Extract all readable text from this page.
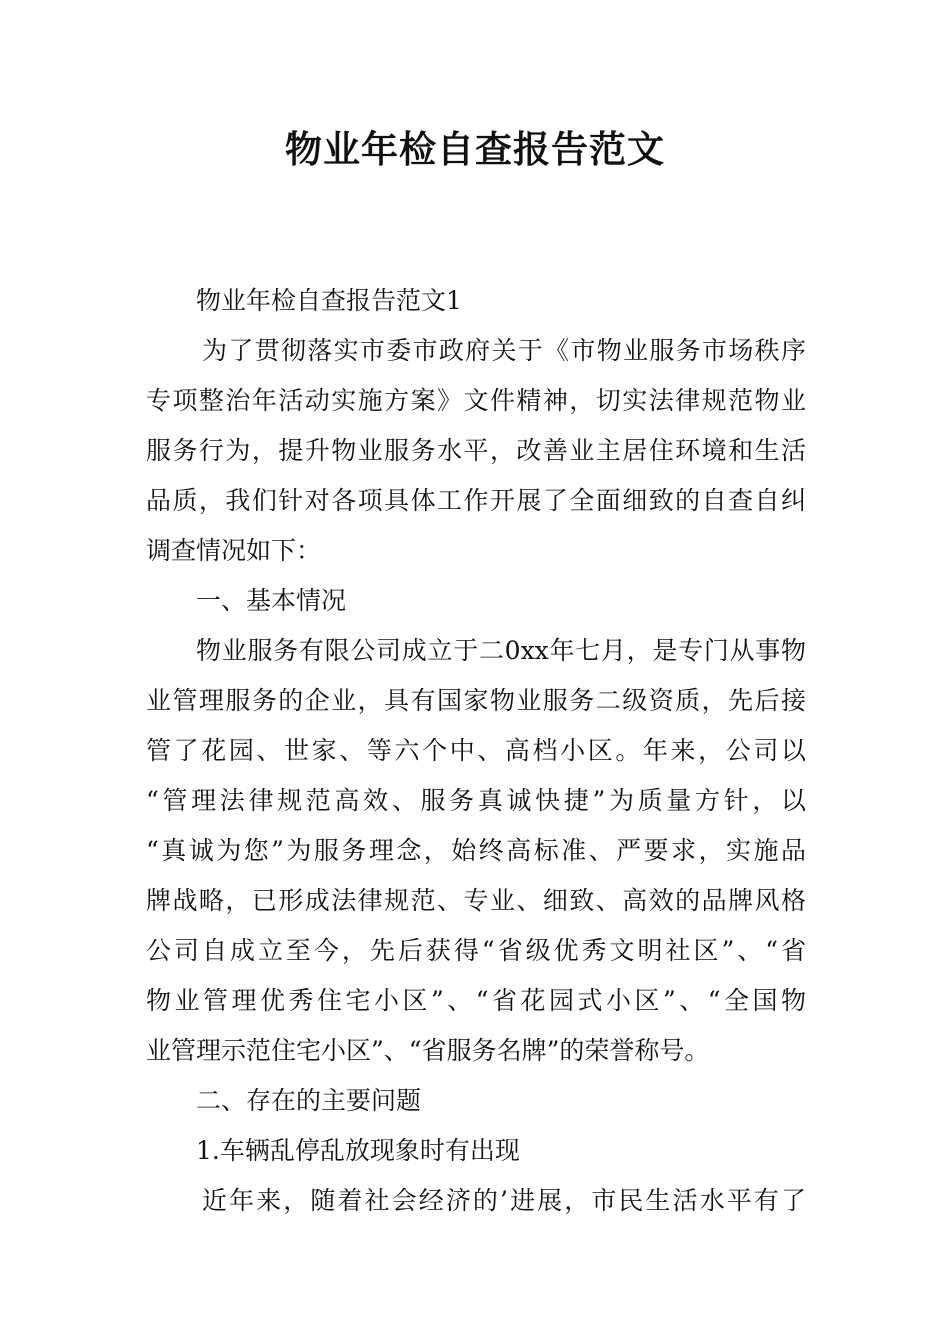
物业年检自查报告范文
物业年检自查报告范文1
为了贯彻落实市委市政府关于《市物业服务市场秩序
专项整治年活动实施方案》文件精神，切实法律规范物业
服务行为，提升物业服务水平，改善业主居住环境和生活
品质，我们针对各项具体工作开展了全面细致的自查自纠
调查情况如下：
一、基本情况
物业服务有限公司成立于二0xx年七月，是专门从事物
业管理服务的企业，具有国家物业服务二级资质，先后接
管了花园、世家、等六个中、高档小区。年来，公司以
“管理法律规范高效、服务真诚快捷”为质量方针，以
“真诚为您”为服务理念，始终高标准、严要求，实施品
牌战略，已形成法律规范、专业、细致、高效的品牌风格
公司自成立至今，先后获得“省级优秀文明社区”、“省
物业管理优秀住宅小区”、“省花园式小区”、“全国物
业管理示范住宅小区”、“省服务名牌”的荣誉称号。
二、存在的主要问题
1.车辆乱停乱放现象时有出现
近年来，随着社会经济的’进展，市民生活水平有了
